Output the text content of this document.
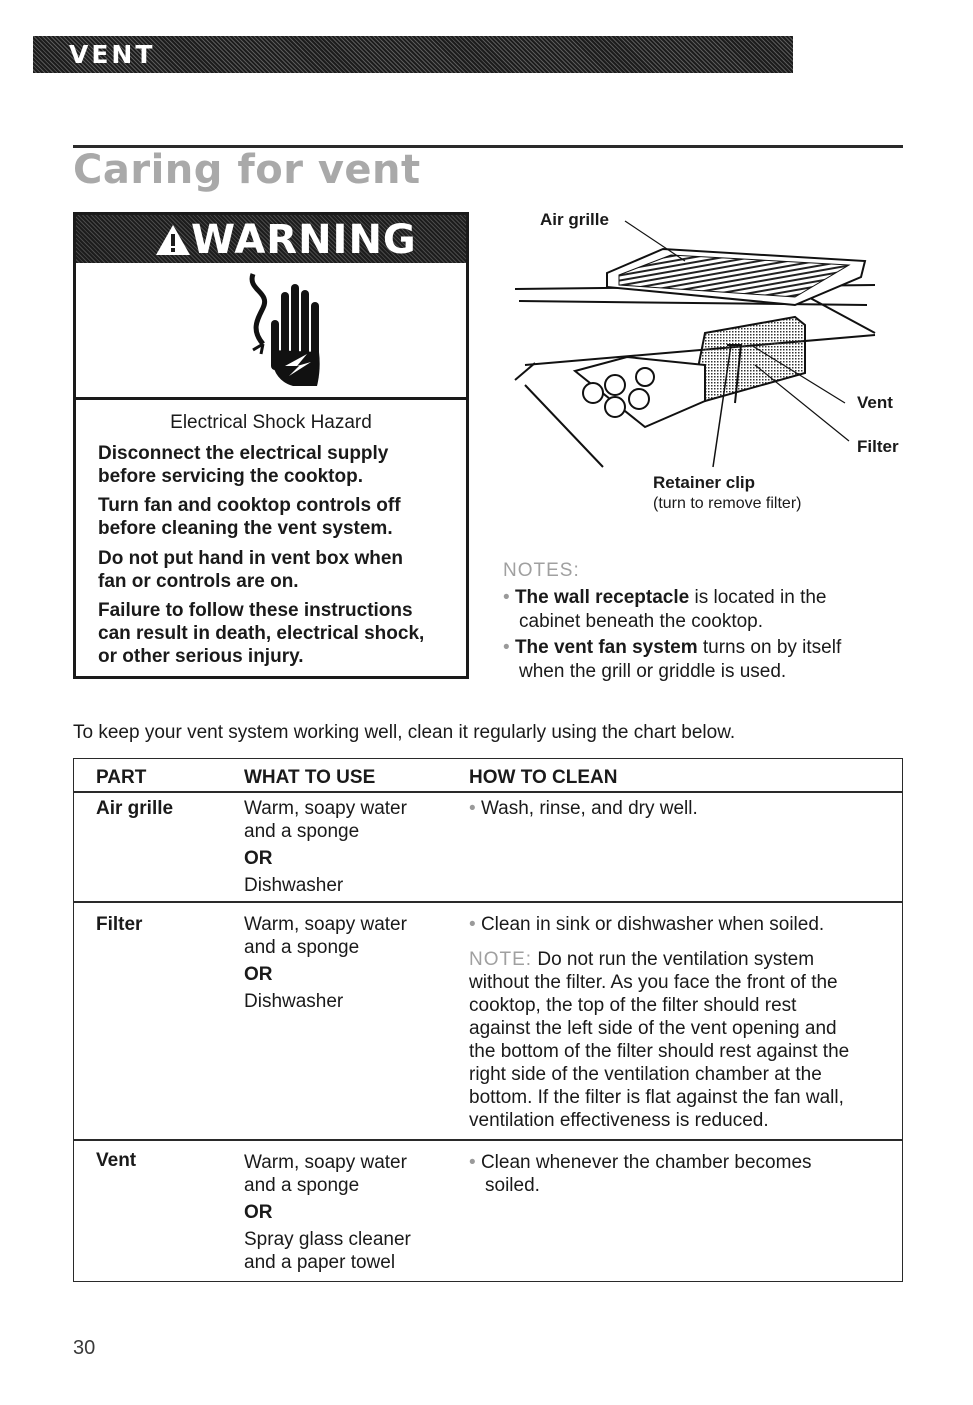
VENT
Caring for vent
WARNING
Electrical Shock Hazard
Disconnect the electrical supply
before servicing the cooktop.
Turn fan and cooktop controls off
before cleaning the vent system.
Do not put hand in vent box when
fan or controls are on.
Failure to follow these instructions
can result in death, electrical shock,
or other serious injury.
Air grille
Vent
Filter
Retainer clip
(turn to remove filter)
NOTES:
• The wall receptacle is located in the
cabinet beneath the cooktop.
• The vent fan system turns on by itself
when the grill or griddle is used.
To keep your vent system working well, clean it regularly using the chart below.
PART	WHAT TO USE	HOW TO CLEAN
Air grille	Warm, soapy water
and a sponge
OR
Dishwasher
• Wash, rinse, and dry well.
Filter	Warm, soapy water
and a sponge
OR
Dishwasher
• Clean in sink or dishwasher when soiled.
NOTE: Do not run the ventilation system
without the filter. As you face the front of the
cooktop, the top of the filter should rest
against the left side of the vent opening and
the bottom of the filter should rest against the
right side of the ventilation chamber at the
bottom. If the filter is flat against the fan wall,
ventilation effectiveness is reduced.
Vent	Warm, soapy water
and a sponge
OR
Spray glass cleaner
and a paper towel
• Clean whenever the chamber becomes
soiled.
30
